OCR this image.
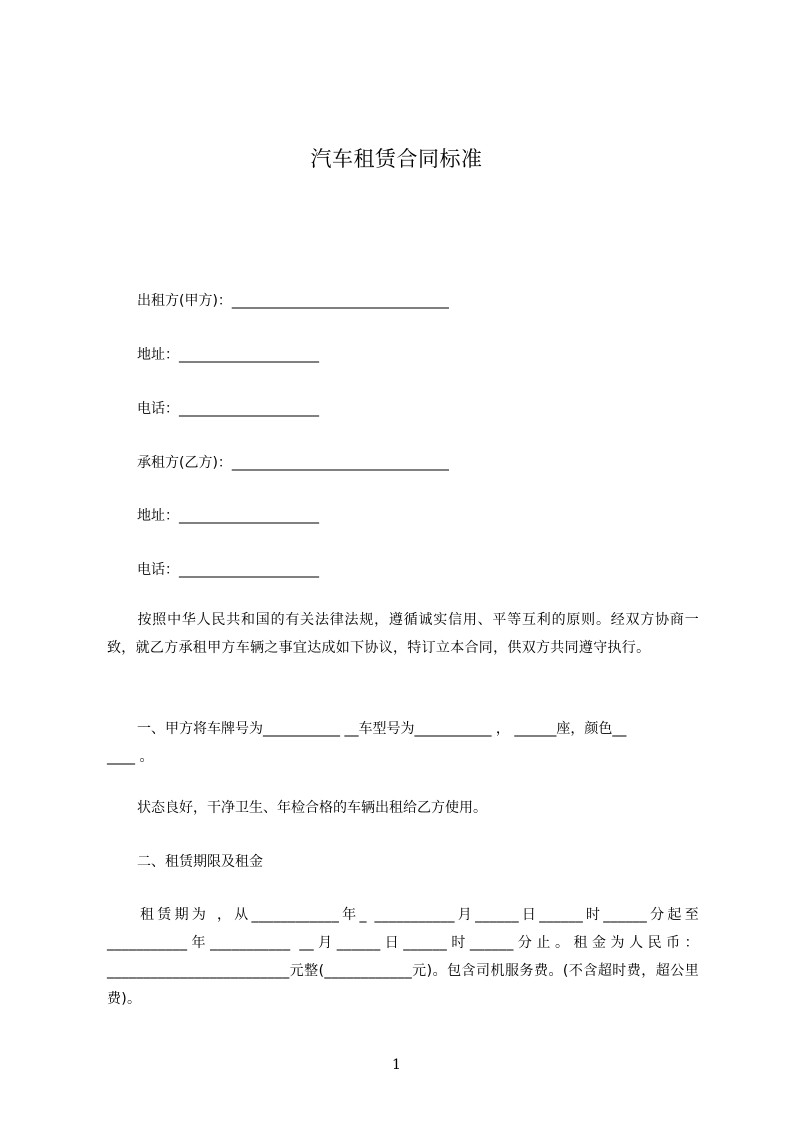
汽车租赁合同标准
出租方(甲方)：_______________________________
地址：____________________
电话：____________________
承租方(乙方)：_______________________________
地址：____________________
电话：____________________
按照中华人民共和国的有关法律法规，遵循诚实信用、平等互利的原则。经双方协商一致，就乙方承租甲方车辆之事宜达成如下协议，特订立本合同，供双方共同遵守执行。
一、甲方将车牌号为___________ __车型号为___________ ， ______座，颜色__
____ 。
状态良好，干净卫生、年检合格的车辆出租给乙方使用。
二、租赁期限及租金
租赁期为 ，从____________年_ ___________月______日______时______分起至___________年___________ __月______日______时______分止。租金为人民币：_________________________元整(____________元)。包含司机服务费。(不含超时费，超公里费)。
1
